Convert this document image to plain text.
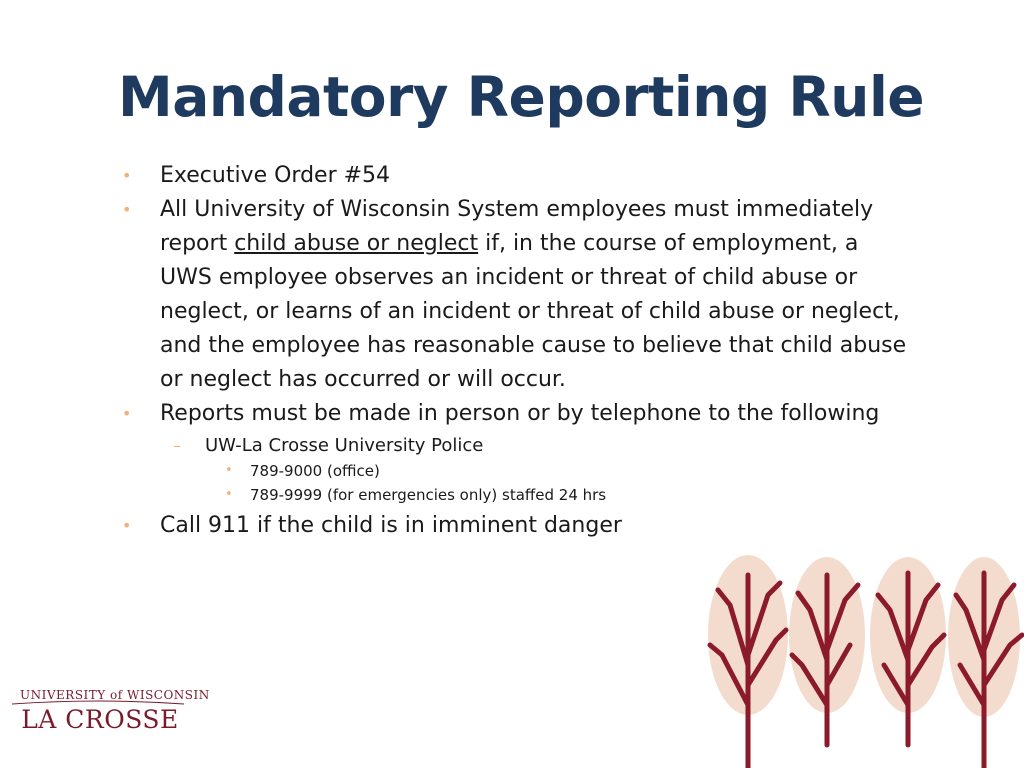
Mandatory Reporting Rule
• Executive Order #54
• All University of Wisconsin System employees must immediately report child abuse or neglect if, in the course of employment, a UWS employee observes an incident or threat of child abuse or neglect, or learns of an incident or threat of child abuse or neglect, and the employee has reasonable cause to believe that child abuse or neglect has occurred or will occur.
• Reports must be made in person or by telephone to the following
– UW-La Crosse University Police
• 789-9000 (office)
• 789-9999 (for emergencies only) staffed 24 hrs
• Call 911 if the child is in imminent danger
UNIVERSITY of WISCONSIN
LA CROSSE
